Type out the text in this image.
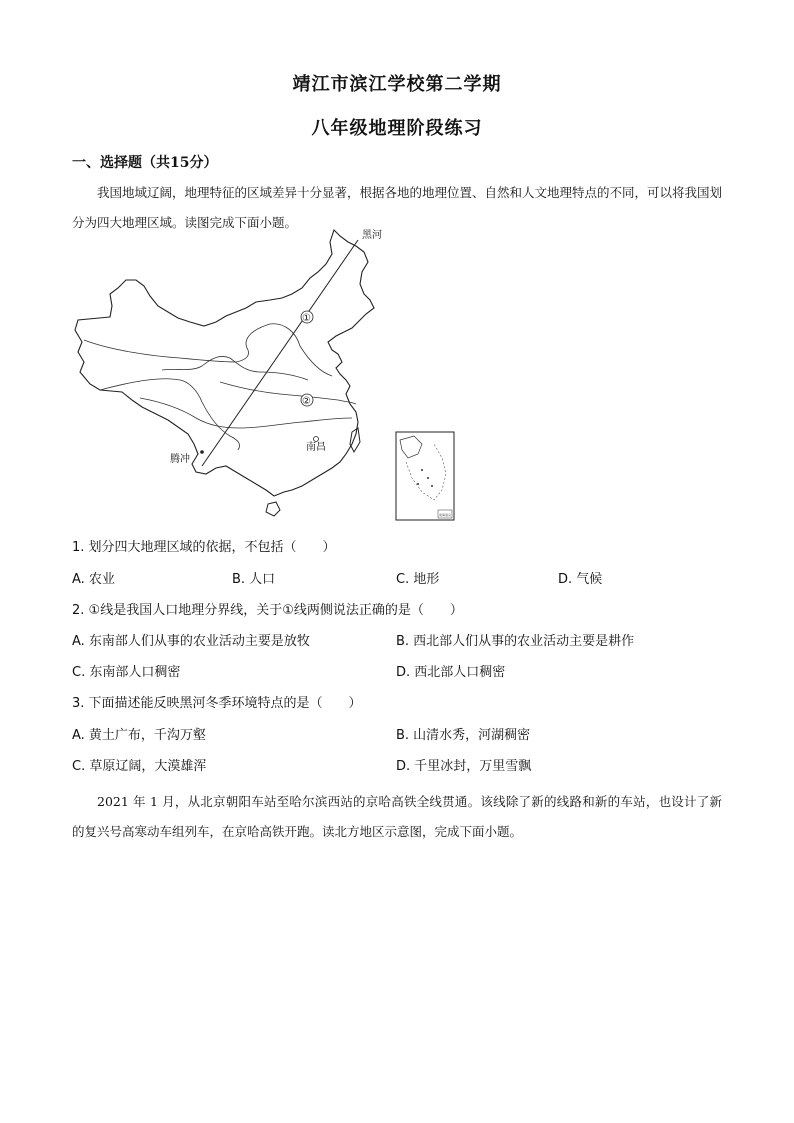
靖江市滨江学校第二学期
八年级地理阶段练习
一、选择题（共15分）
我国地域辽阔，地理特征的区域差异十分显著，根据各地的地理位置、自然和人文地理特点的不同，可以将我国划分为四大地理区域。读图完成下面小题。
黑河
①
②
腾冲
南昌
南海诸岛
1. 划分四大地理区域的依据，不包括（　　）
A. 农业	B. 人口	C. 地形	D. 气候
2. ①线是我国人口地理分界线，关于①线两侧说法正确的是（　　）
A. 东南部人们从事的农业活动主要是放牧	B. 西北部人们从事的农业活动主要是耕作
C. 东南部人口稠密	D. 西北部人口稠密
3. 下面描述能反映黑河冬季环境特点的是（　　）
A. 黄土广布，千沟万壑	B. 山清水秀，河湖稠密
C. 草原辽阔，大漠雄浑	D. 千里冰封，万里雪飘
2021 年 1 月，从北京朝阳车站至哈尔滨西站的京哈高铁全线贯通。该线除了新的线路和新的车站，也设计了新的复兴号高寒动车组列车，在京哈高铁开跑。读北方地区示意图，完成下面小题。
